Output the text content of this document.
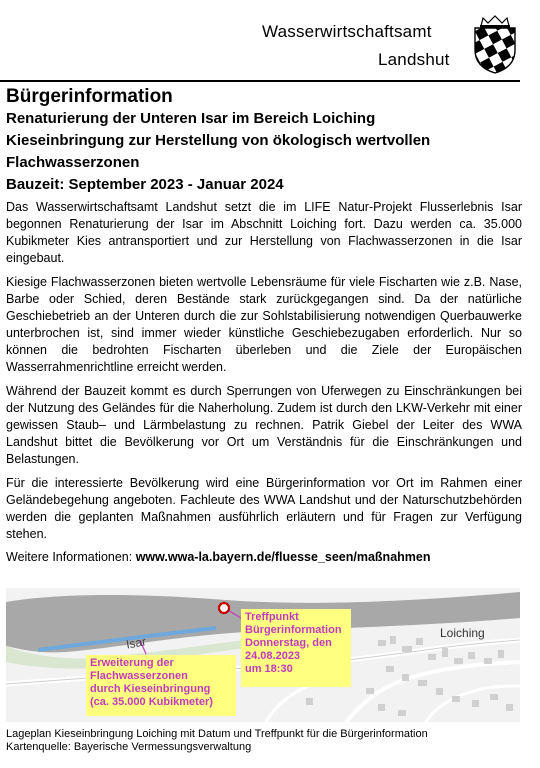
Wasserwirtschaftsamt
Landshut
Bürgerinformation
Renaturierung der Unteren Isar im Bereich Loiching
Kieseinbringung zur Herstellung von ökologisch wertvollen
Flachwasserzonen
Bauzeit: September 2023 - Januar 2024

Das Wasserwirtschaftsamt Landshut setzt die im LIFE Natur-Projekt Flusserlebnis Isar begonnen Renaturierung der Isar im Abschnitt Loiching fort. Dazu werden ca. 35.000 Kubikmeter Kies antransportiert und zur Herstellung von Flachwasserzonen in die Isar eingebaut.

Kiesige Flachwasserzonen bieten wertvolle Lebensräume für viele Fischarten wie z.B. Nase, Barbe oder Schied, deren Bestände stark zurückgegangen sind. Da der natürliche Geschiebetrieb an der Unteren durch die zur Sohlstabilisierung notwendigen Querbauwerke unterbrochen ist, sind immer wieder künstliche Geschiebezugaben erforderlich. Nur so können die bedrohten Fischarten überleben und die Ziele der Europäischen Wasserrahmenrichtline erreicht werden.

Während der Bauzeit kommt es durch Sperrungen von Uferwegen zu Einschränkungen bei der Nutzung des Geländes für die Naherholung. Zudem ist durch den LKW-Verkehr mit einer gewissen Staub– und Lärmbelastung zu rechnen. Patrik Giebel der Leiter des WWA Landshut bittet die Bevölkerung vor Ort um Verständnis für die Einschränkungen und Belastungen.

Für die interessierte Bevölkerung wird eine Bürgerinformation vor Ort im Rahmen einer Geländebegehung angeboten. Fachleute des WWA Landshut und der Naturschutzbehörden werden die geplanten Maßnahmen ausführlich erläutern und für Fragen zur Verfügung stehen.

Weitere Informationen: www.wwa-la.bayern.de/fluesse_seen/maßnahmen

Isar
Loiching
Treffpunkt
Bürgerinformation
Donnerstag, den
24.08.2023
um 18:30
Erweiterung der
Flachwasserzonen
durch Kieseinbringung
(ca. 35.000 Kubikmeter)
Lageplan Kieseinbringung Loiching mit Datum und Treffpunkt für die Bürgerinformation
Kartenquelle: Bayerische Vermessungsverwaltung
